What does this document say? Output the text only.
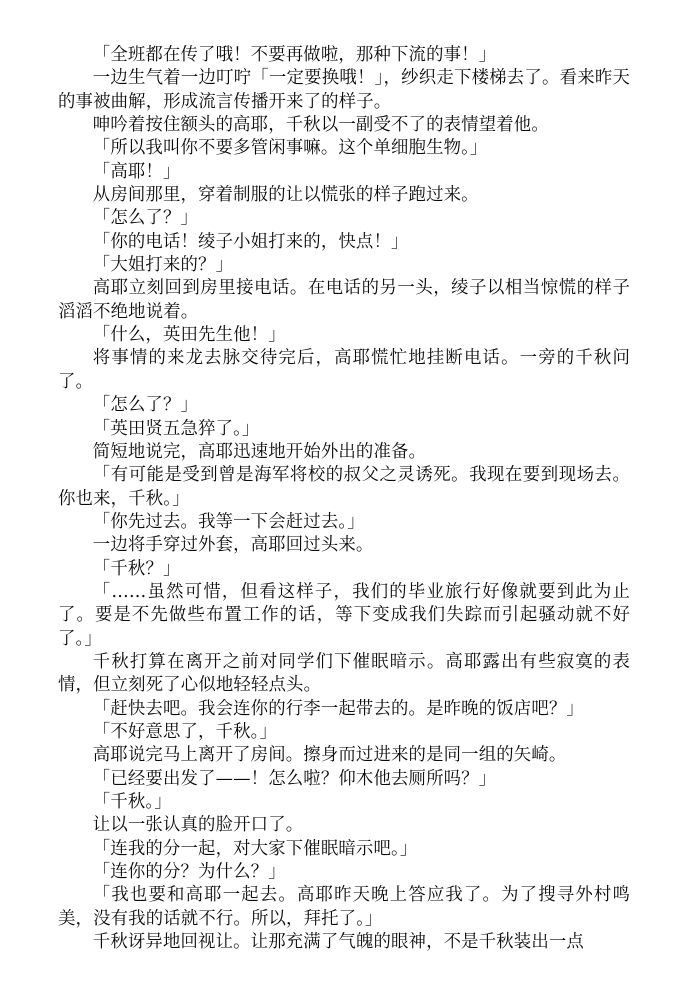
「全班都在传了哦！不要再做啦，那种下流的事！」

一边生气着一边叮咛「一定要换哦！」，纱织走下楼梯去了。看来昨天的事被曲解，形成流言传播开来了的样子。

呻吟着按住额头的高耶，千秋以一副受不了的表情望着他。

「所以我叫你不要多管闲事嘛。这个单细胞生物。」

「高耶！」

从房间那里，穿着制服的让以慌张的样子跑过来。

「怎么了？」

「你的电话！绫子小姐打来的，快点！」

「大姐打来的？」

高耶立刻回到房里接电话。在电话的另一头，绫子以相当惊慌的样子滔滔不绝地说着。

「什么，英田先生他！」

将事情的来龙去脉交待完后，高耶慌忙地挂断电话。一旁的千秋问了。

「怎么了？」

「英田贤五急猝了。」

简短地说完，高耶迅速地开始外出的准备。

「有可能是受到曾是海军将校的叔父之灵诱死。我现在要到现场去。你也来，千秋。」

「你先过去。我等一下会赶过去。」

一边将手穿过外套，高耶回过头来。

「千秋？」

「……虽然可惜，但看这样子，我们的毕业旅行好像就要到此为止了。要是不先做些布置工作的话，等下变成我们失踪而引起骚动就不好了。」

千秋打算在离开之前对同学们下催眠暗示。高耶露出有些寂寞的表情，但立刻死了心似地轻轻点头。

「赶快去吧。我会连你的行李一起带去的。是昨晚的饭店吧？」

「不好意思了，千秋。」

高耶说完马上离开了房间。擦身而过进来的是同一组的矢崎。

「已经要出发了——！怎么啦？仰木他去厕所吗？」

「千秋。」

让以一张认真的脸开口了。

「连我的分一起，对大家下催眠暗示吧。」

「连你的分？为什么？」

「我也要和高耶一起去。高耶昨天晚上答应我了。为了搜寻外村鸣美，没有我的话就不行。所以，拜托了。」

千秋讶异地回视让。让那充满了气魄的眼神，不是千秋装出一点
